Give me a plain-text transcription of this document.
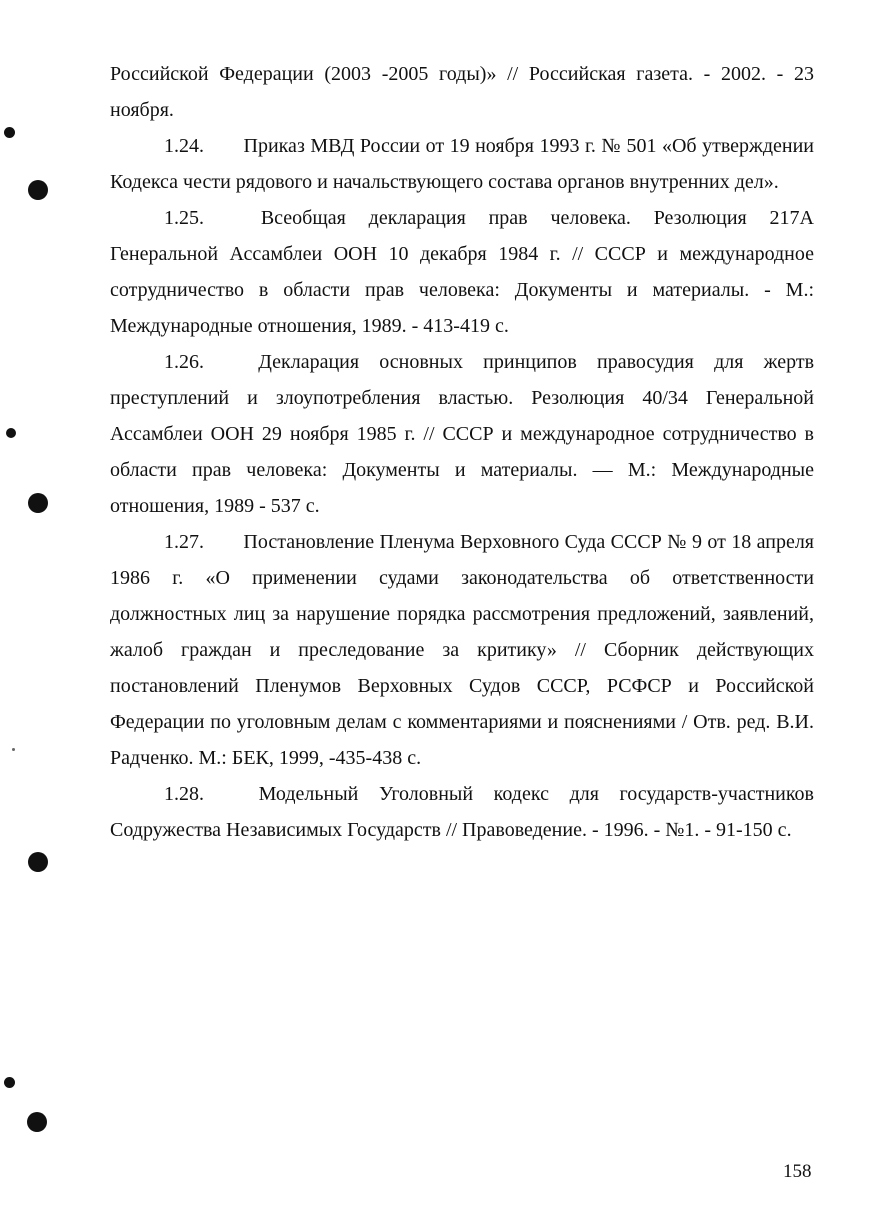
Российской Федерации (2003 -2005 годы)» // Российская газета. - 2002. - 23 ноября.

1.24. Приказ МВД России от 19 ноября 1993 г. № 501 «Об утверждении Кодекса чести рядового и начальствующего состава органов внутренних дел».

1.25.	Всеобщая декларация прав человека. Резолюция 217А Генеральной Ассамблеи ООН 10 декабря 1984 г. // СССР и международное сотрудничество в области прав человека: Документы и материалы. - М.: Международные отношения, 1989. - 413-419 с.

1.26.	Декларация основных принципов правосудия для жертв преступлений и злоупотребления властью. Резолюция 40/34 Генеральной Ассамблеи ООН 29 ноября 1985 г. // СССР и международное сотрудничество в области прав человека: Документы и материалы. — М.: Международные отношения, 1989 - 537 с.

1.27. Постановление Пленума Верховного Суда СССР № 9 от 18 апреля 1986 г. «О применении судами законодательства об ответственности должностных лиц за нарушение порядка рассмотрения предложений, заявлений, жалоб граждан и преследование за критику» // Сборник действующих постановлений Пленумов Верховных Судов СССР, РСФСР и Российской Федерации по уголовным делам с комментариями и пояснениями / Отв. ред. В.И. Радченко. М.: БЕК, 1999, -435-438 с.

1.28.	Модельный Уголовный кодекс для государств-участников Содружества Независимых Государств // Правоведение. - 1996. - №1. - 91-150 с.

158
